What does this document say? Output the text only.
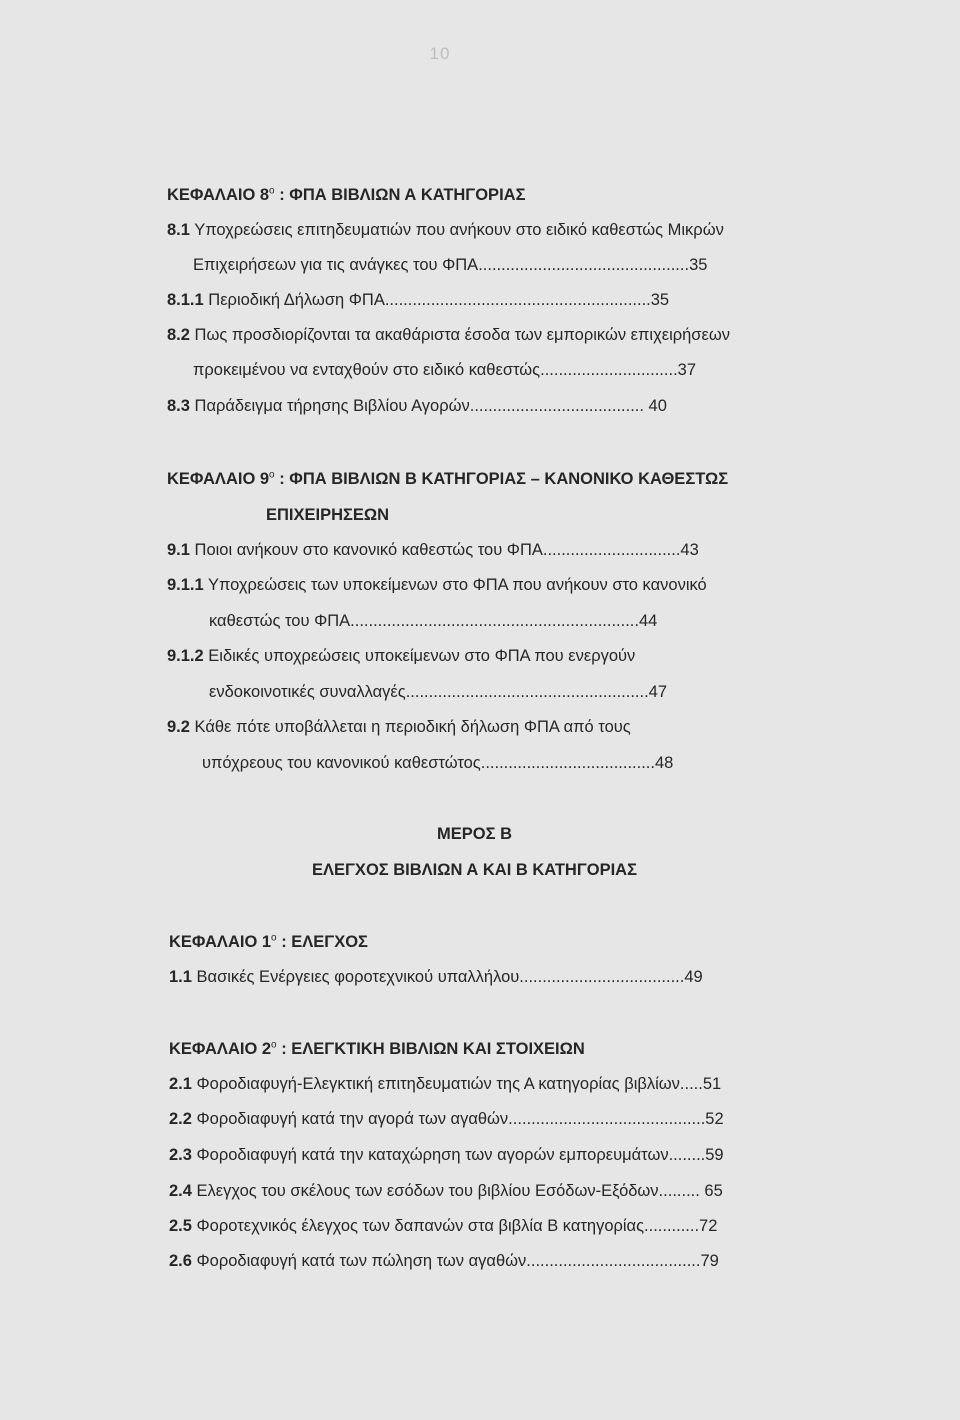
10
ΚΕΦΑΛΑΙΟ $8^o$ : ΦΠΑ ΒΙΒΛΙΩΝ Α ΚΑΤΗΓΟΡΙΑΣ
8.1 Υποχρεώσεις επιτηδευματιών που ανήκουν στο ειδικό καθεστώς Μικρών
Επιχειρήσεων για τις ανάγκες του ΦΠΑ..............................................35
8.1.1 Περιοδική Δήλωση ΦΠΑ..........................................................35
8.2 Πως προσδιορίζονται τα ακαθάριστα έσοδα των εμπορικών επιχειρήσεων
προκειμένου να ενταχθούν στο ειδικό καθεστώς..............................37
8.3 Παράδειγμα τήρησης Βιβλίου Αγορών...................................... 40
ΚΕΦΑΛΑΙΟ $9^o$ : ΦΠΑ ΒΙΒΛΙΩΝ Β ΚΑΤΗΓΟΡΙΑΣ – ΚΑΝΟΝΙΚΟ ΚΑΘΕΣΤΩΣ
ΕΠΙΧΕΙΡΗΣΕΩΝ
9.1 Ποιοι ανήκουν στο κανονικό καθεστώς του ΦΠΑ..............................43
9.1.1 Υποχρεώσεις των υποκείμενων στο ΦΠΑ που ανήκουν στο κανονικό
καθεστώς του ΦΠΑ...............................................................44
9.1.2 Ειδικές υποχρεώσεις υποκείμενων στο ΦΠΑ που ενεργούν
ενδοκοινοτικές συναλλαγές.....................................................47
9.2 Κάθε πότε υποβάλλεται η περιοδική δήλωση ΦΠΑ από τους
υπόχρεους του κανονικού καθεστώτος......................................48
ΜΕΡΟΣ Β
ΕΛΕΓΧΟΣ ΒΙΒΛΙΩΝ Α ΚΑΙ Β ΚΑΤΗΓΟΡΙΑΣ
ΚΕΦΑΛΑΙΟ $1^o$ : ΕΛΕΓΧΟΣ
1.1 Βασικές Ενέργειες φοροτεχνικού υπαλλήλου....................................49
ΚΕΦΑΛΑΙΟ $2^o$ : ΕΛΕΓΚΤΙΚΗ ΒΙΒΛΙΩΝ ΚΑΙ ΣΤΟΙΧΕΙΩΝ
2.1 Φοροδιαφυγή-Ελεγκτική επιτηδευματιών της Α κατηγορίας βιβλίων.....51
2.2 Φοροδιαφυγή κατά την αγορά των αγαθών...........................................52
2.3 Φοροδιαφυγή κατά την καταχώρηση των αγορών εμπορευμάτων........59
2.4 Ελεγχος του σκέλους των εσόδων του βιβλίου Εσόδων-Εξόδων......... 65
2.5 Φοροτεχνικός έλεγχος των δαπανών στα βιβλία Β κατηγορίας............72
2.6 Φοροδιαφυγή κατά των πώληση των αγαθών......................................79
